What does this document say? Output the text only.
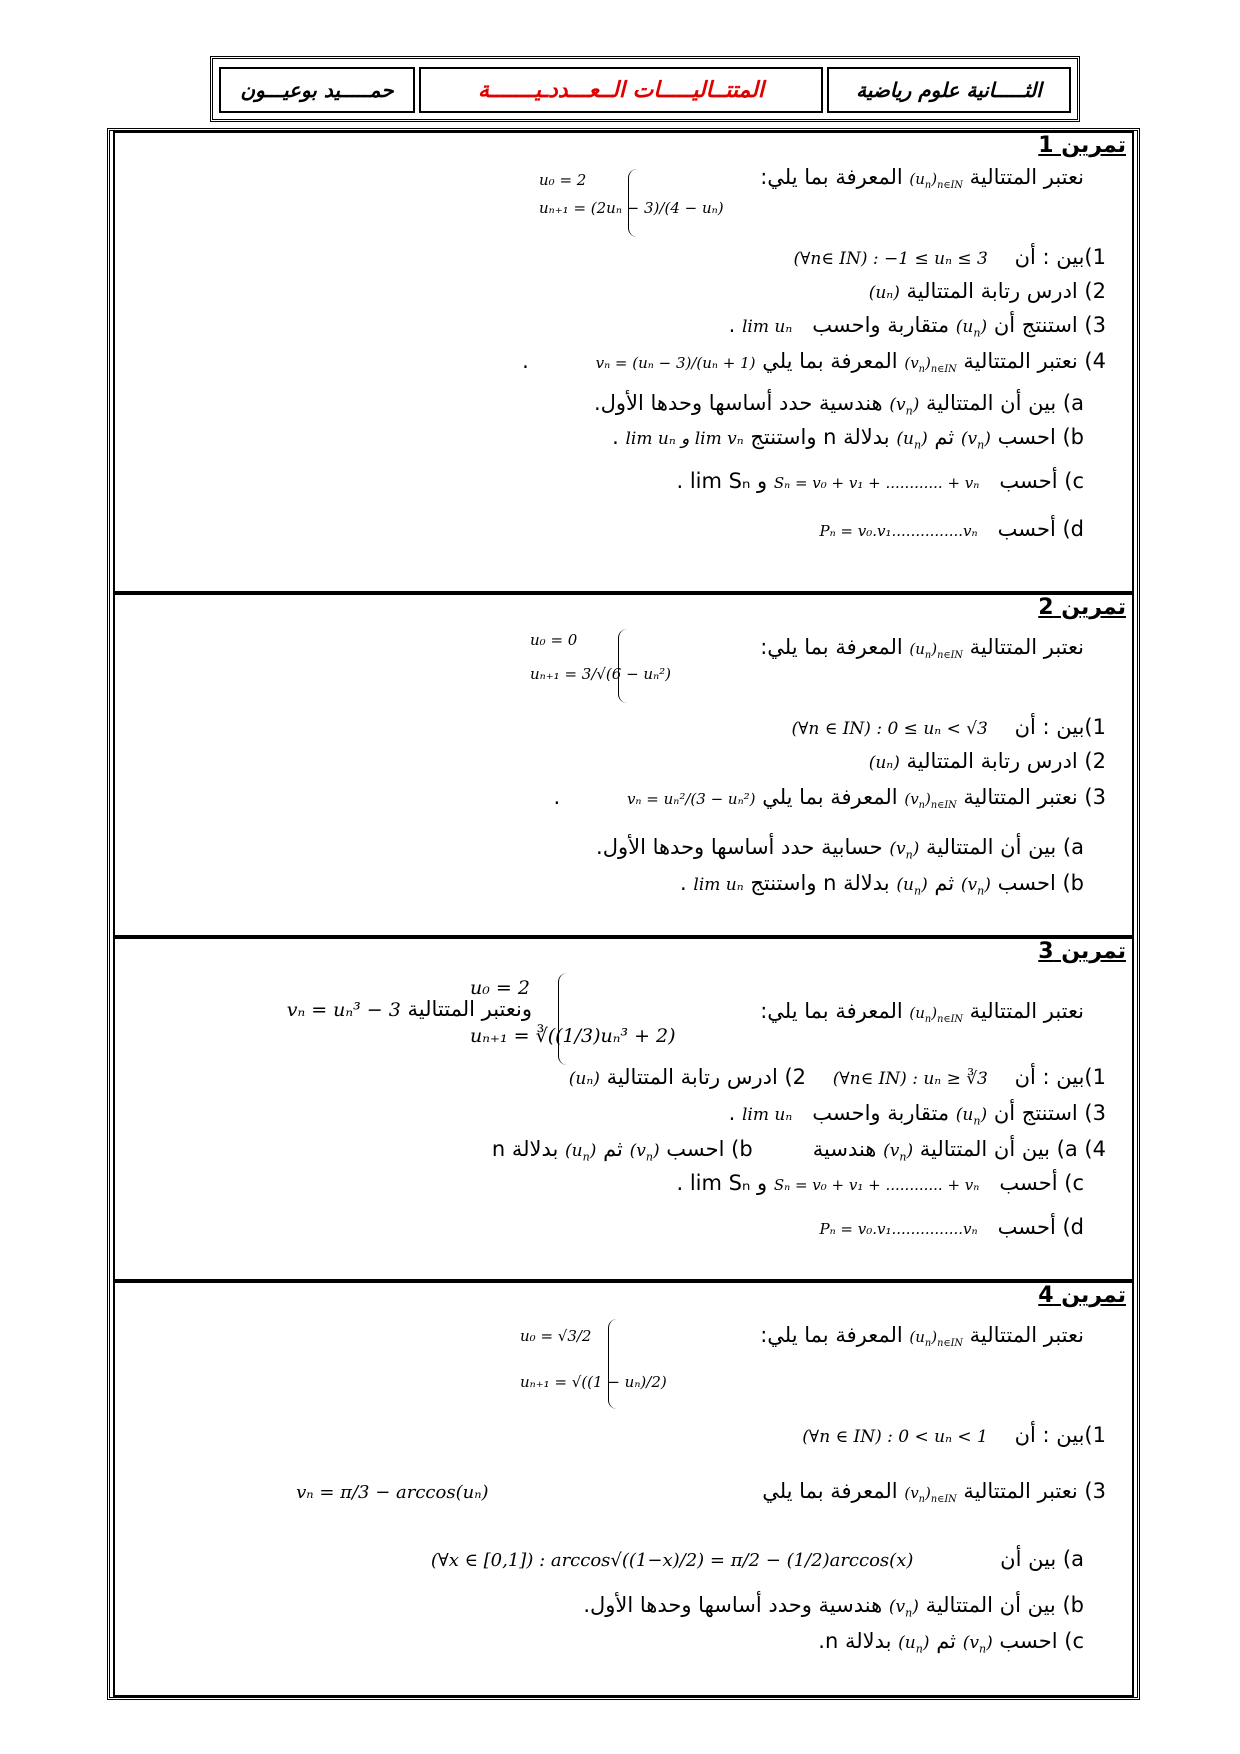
حمـــــيد بوعيـــون	المتتــاليـــــات الــعـــددـيـــــــة	الثـــــانية علوم رياضية
تمرين 1
نعتبر المتتالية $(u_n)_{n\in IN}$ المعرفة بما يلي:
u₀ = 2
uₙ₊₁ = (2uₙ − 3)/(4 − uₙ)
1)بين : أن    (∀n∈ IN) : −1 ≤ uₙ ≤ 3
2) ادرس رتابة المتتالية (uₙ)
3) استنتج أن $(u_n)$ متقاربة واحسب   lim uₙ .
4) نعتبر المتتالية $(v_n)_{n\in IN}$ المعرفة بما يلي vₙ = (uₙ − 3)/(uₙ + 1)          .
a) بين أن المتتالية $(v_n)$ هندسية حدد أساسها وحدها الأول.
b) احسب $(v_n)$ ثم $(u_n)$ بدلالة n واستنتج lim uₙ و lim vₙ .
c) أحسب   Sₙ = v₀ + v₁ + ............ + vₙ و lim Sₙ .
d) أحسب   Pₙ = v₀.v₁...............vₙ
تمرين 2
نعتبر المتتالية $(u_n)_{n\in IN}$ المعرفة بما يلي:
u₀ = 0
uₙ₊₁ = 3/√(6 − uₙ²)
1)بين : أن    (∀n ∈ IN) : 0 ≤ uₙ < √3
2) ادرس رتابة المتتالية (uₙ)
3) نعتبر المتتالية $(v_n)_{n\in IN}$ المعرفة بما يلي vₙ = uₙ²/(3 − uₙ²)          .
a) بين أن المتتالية $(v_n)$ حسابية حدد أساسها وحدها الأول.
b) احسب $(v_n)$ ثم $(u_n)$ بدلالة n واستنتج lim uₙ .
تمرين 3
نعتبر المتتالية $(u_n)_{n\in IN}$ المعرفة بما يلي:
u₀ = 2
uₙ₊₁ = ∛((1/3)uₙ³ + 2)
ونعتبر المتتالية vₙ = uₙ³ − 3
1)بين : أن    (∀n∈ IN) : uₙ ≥ ∛3    2) ادرس رتابة المتتالية (uₙ)
3) استنتج أن $(u_n)$ متقاربة واحسب   lim uₙ .
4) a) بين أن المتتالية $(v_n)$ هندسية         b) احسب $(v_n)$ ثم $(u_n)$ بدلالة n
c) أحسب   Sₙ = v₀ + v₁ + ............ + vₙ و lim Sₙ .
d) أحسب   Pₙ = v₀.v₁...............vₙ
تمرين 4
نعتبر المتتالية $(u_n)_{n\in IN}$ المعرفة بما يلي:
u₀ = √3/2
uₙ₊₁ = √((1 − uₙ)/2)
1)بين : أن    (∀n ∈ IN) : 0 < uₙ < 1
3) نعتبر المتتالية $(v_n)_{n\in IN}$ المعرفة بما يلي                                         vₙ = π/3 − arccos(uₙ)
a) بين أن             (∀x ∈ [0,1]) : arccos√((1−x)/2) = π/2 − (1/2)arccos(x)
b) بين أن المتتالية $(v_n)$ هندسية وحدد أساسها وحدها الأول.
c) احسب $(v_n)$ ثم $(u_n)$ بدلالة n.
